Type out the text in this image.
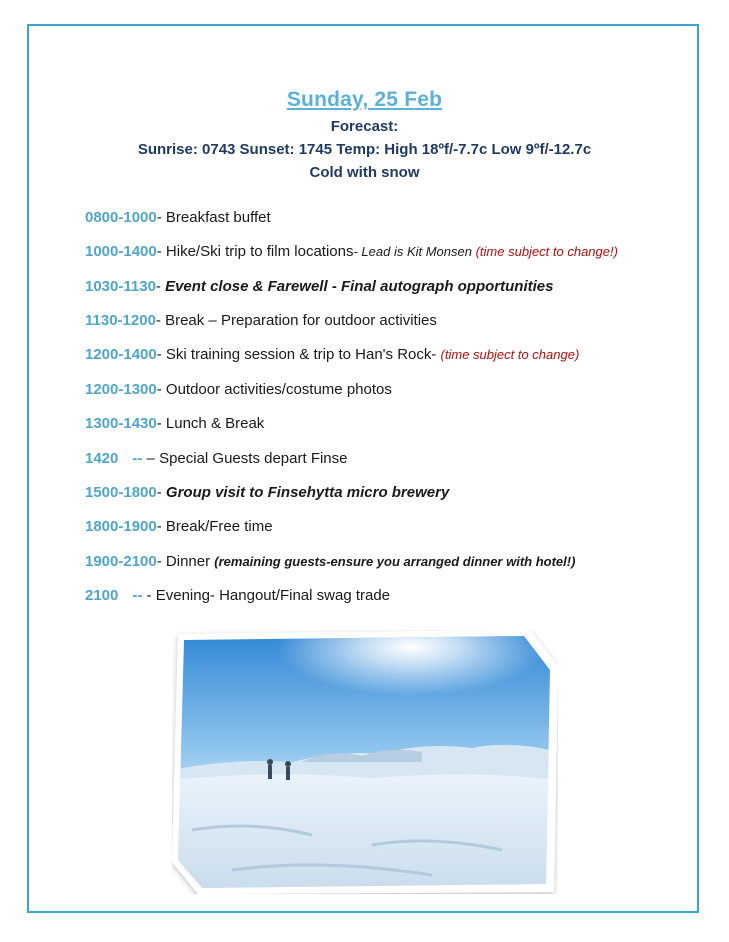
Sunday, 25 Feb
Forecast:
Sunrise: 0743 Sunset: 1745 Temp: High 18ºf/-7.7c Low 9ºf/-12.7c
Cold with snow
0800-1000- Breakfast buffet
1000-1400- Hike/Ski trip to film locations- Lead is Kit Monsen (time subject to change!)
1030-1130- Event close & Farewell - Final autograph opportunities
1130-1200- Break – Preparation for outdoor activities
1200-1400- Ski training session & trip to Han's Rock- (time subject to change)
1200-1300- Outdoor activities/costume photos
1300-1430- Lunch & Break
1420 -- – Special Guests depart Finse
1500-1800- Group visit to Finsehytta micro brewery
1800-1900- Break/Free time
1900-2100- Dinner (remaining guests-ensure you arranged dinner with hotel!)
2100 -- - Evening- Hangout/Final swag trade
